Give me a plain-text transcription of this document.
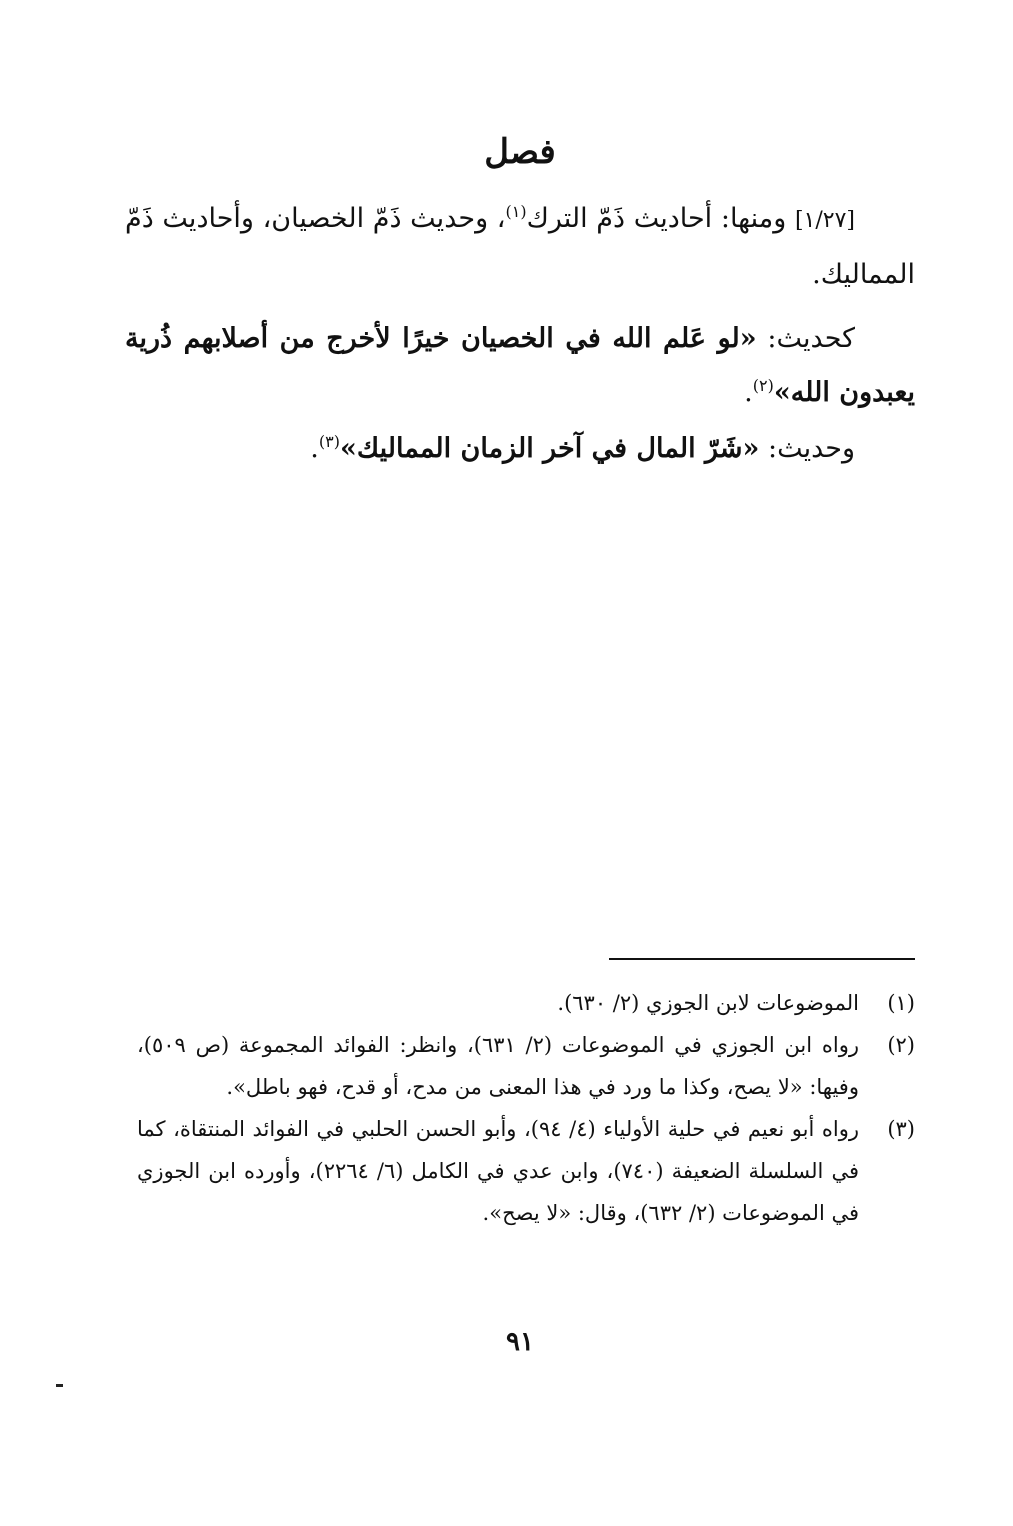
فصل

[١/٢٧] ومنها: أحاديث ذَمّ الترك$^{(١)}$، وحديث ذَمّ الخصيان، وأحاديث ذَمّ المماليك.

كحديث: «لو عَلم الله في الخصيان خيرًا لأخرج من أصلابهم ذُرية يعبدون الله»$^{(٢)}$.

وحديث: «شَرّ المال في آخر الزمان المماليك»$^{(٣)}$.

(١)
الموضوعات لابن الجوزي (٢/ ٦٣٠).

(٢)
رواه ابن الجوزي في الموضوعات (٢/ ٦٣١)، وانظر: الفوائد المجموعة (ص ٥٠٩)، وفيها: «لا يصح، وكذا ما ورد في هذا المعنى من مدح، أو قدح، فهو باطل».

(٣)
رواه أبو نعيم في حلية الأولياء (٤/ ٩٤)، وأبو الحسن الحلبي في الفوائد المنتقاة، كما في السلسلة الضعيفة (٧٤٠)، وابن عدي في الكامل (٦/ ٢٢٦٤)، وأورده ابن الجوزي في الموضوعات (٢/ ٦٣٢)، وقال: «لا يصح».

٩١
